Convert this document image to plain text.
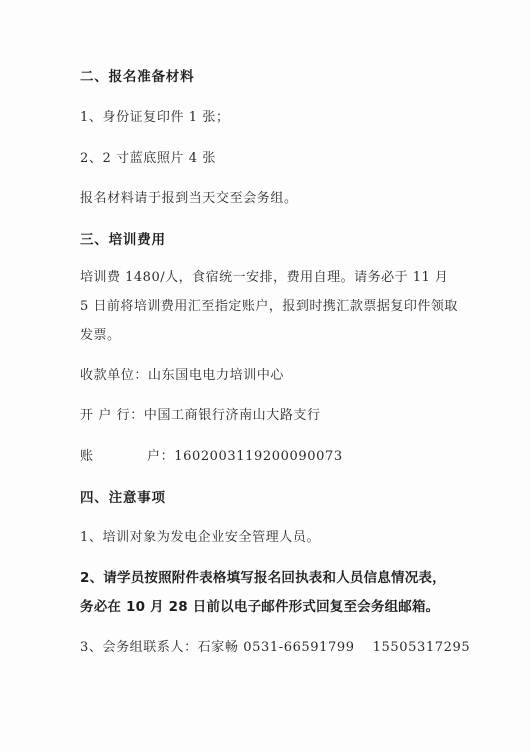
二、报名准备材料
1、身份证复印件 1 张；
2、2 寸蓝底照片 4 张
报名材料请于报到当天交至会务组。
三、培训费用
培训费 1480/人，食宿统一安排，费用自理。请务必于 11 月 5 日前将培训费用汇至指定账户，报到时携汇款票据复印件领取发票。
收款单位：山东国电电力培训中心
开 户 行：中国工商银行济南山大路支行
账	户：1602003119200090073
四、注意事项
1、培训对象为发电企业安全管理人员。
2、请学员按照附件表格填写报名回执表和人员信息情况表，
务必在 10 月 28 日前以电子邮件形式回复至会务组邮箱。
3、会务组联系人：石家畅 0531-66591799 15505317295
